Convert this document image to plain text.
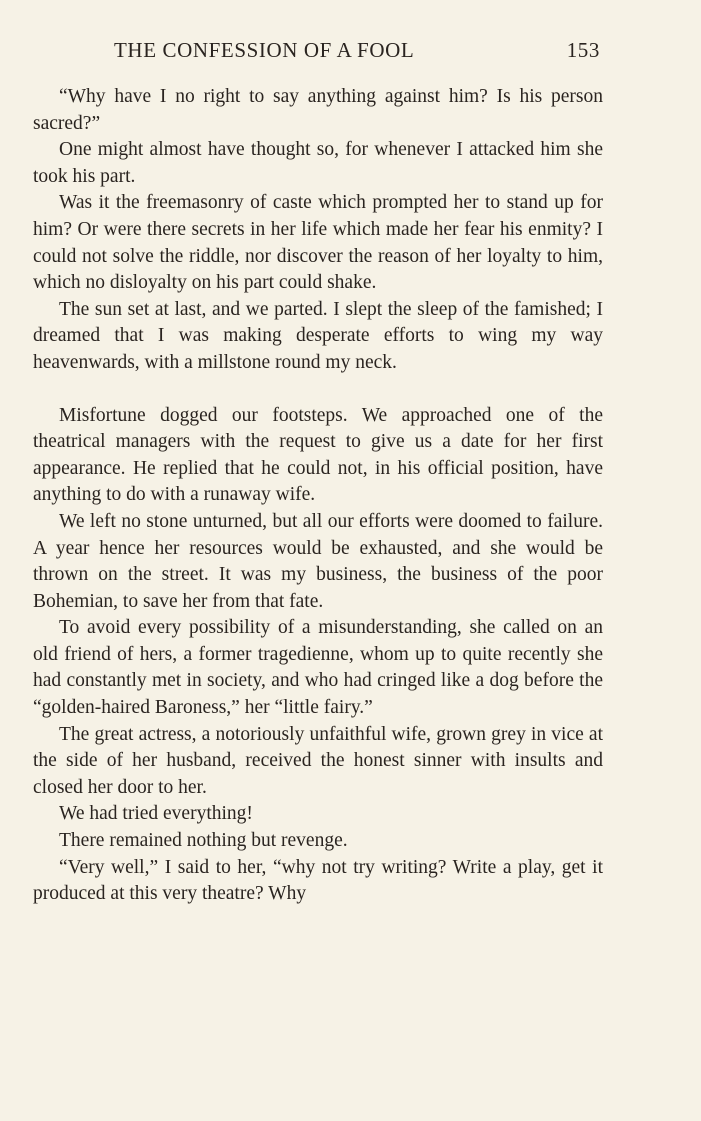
THE CONFESSION OF A FOOL	153

“Why have I no right to say anything against him? Is his person sacred?”

One might almost have thought so, for whenever I attacked him she took his part.

Was it the freemasonry of caste which prompted her to stand up for him? Or were there secrets in her life which made her fear his enmity? I could not solve the riddle, nor discover the reason of her loyalty to him, which no disloyalty on his part could shake.

The sun set at last, and we parted. I slept the sleep of the famished; I dreamed that I was making desperate efforts to wing my way heavenwards, with a millstone round my neck.

Misfortune dogged our footsteps. We approached one of the theatrical managers with the request to give us a date for her first appearance. He replied that he could not, in his official position, have anything to do with a runaway wife.

We left no stone unturned, but all our efforts were doomed to failure. A year hence her resources would be exhausted, and she would be thrown on the street. It was my business, the business of the poor Bohemian, to save her from that fate.

To avoid every possibility of a misunderstanding, she called on an old friend of hers, a former tragedienne, whom up to quite recently she had constantly met in society, and who had cringed like a dog before the “golden-haired Baroness,” her “little fairy.”

The great actress, a notoriously unfaithful wife, grown grey in vice at the side of her husband, received the honest sinner with insults and closed her door to her.

We had tried everything!

There remained nothing but revenge.

“Very well,” I said to her, “why not try writing? Write a play, get it produced at this very theatre? Why
